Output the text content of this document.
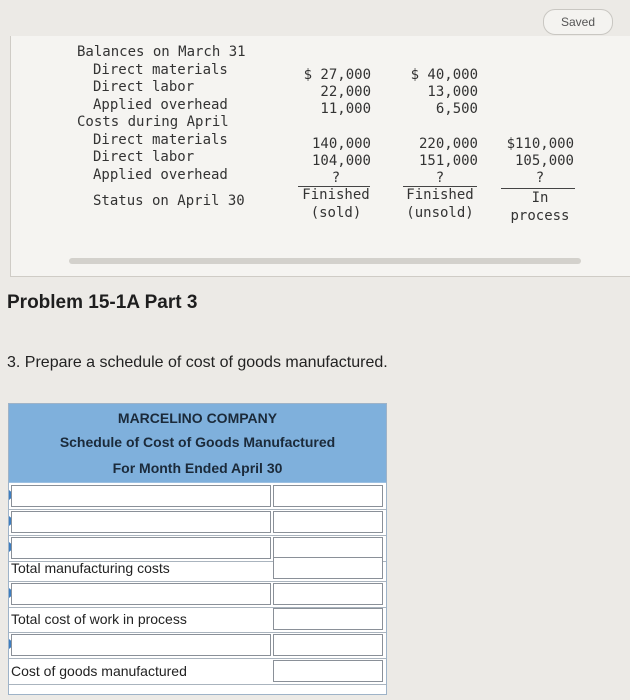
Saved
Balances on March 31
Direct materials
Direct labor
Applied overhead
Costs during April
Direct materials
Direct labor
Applied overhead
Status on April 30
$ 27,000
22,000
11,000
140,000
104,000
?
Finished
(sold)
$ 40,000
13,000
6,500
220,000
151,000
?
Finished
(unsold)
$110,000
105,000
?
In
process
Problem 15-1A Part 3
3. Prepare a schedule of cost of goods manufactured.
MARCELINO COMPANY
Schedule of Cost of Goods Manufactured
For Month Ended April 30
Total manufacturing costs
Total cost of work in process
Cost of goods manufactured
